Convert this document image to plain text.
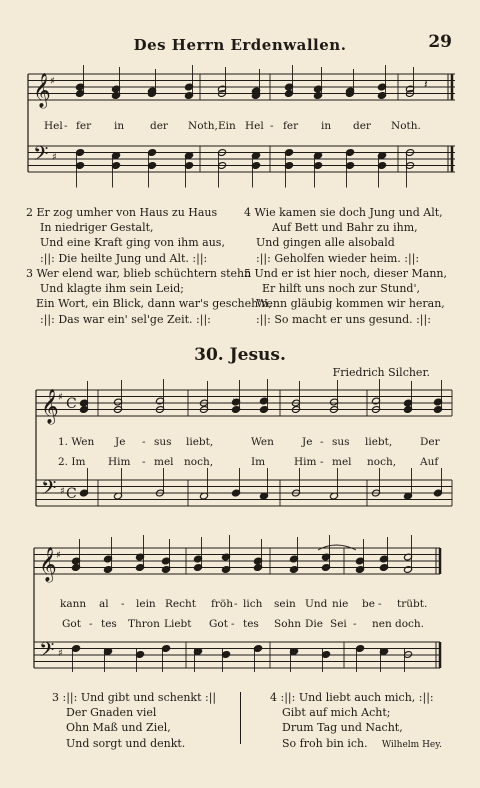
Des Herrn Erdenwallen.	29
𝄞
𝄢
♯
♯
𝄽
𝄞
𝄢
♯
♯
C
C
𝄽
𝄞
𝄢
♯
♯
Hel - fer in der Noth, Ein Hel - fer in der Noth.
2 Er zog umher von Haus zu Haus
In niedriger Gestalt,
Und eine Kraft ging von ihm aus,
:||: Die heilte Jung und Alt. :||:
4 Wie kamen sie doch Jung und Alt,
Auf Bett und Bahr zu ihm,
Und gingen alle alsobald
:||: Geholfen wieder heim. :||:
3 Wer elend war, blieb schüchtern stehn
Und klagte ihm sein Leid;
Ein Wort, ein Blick, dann war's gescheh'n,
:||: Das war ein' sel'ge Zeit. :||:
5 Und er ist hier noch, dieser Mann,
Er hilft uns noch zur Stund',
Wenn gläubig kommen wir heran,
:||: So macht er uns gesund. :||:
30. Jesus.
Friedrich Silcher.
1. Wen Je - sus liebt,	Wen	Je - sus liebt,	Der
2. Im Him - mel noch,	Im	Him - mel noch, Auf
kann al - lein Recht fröh - lich sein Und nie be - trübt.
Got - tes Thron Liebt Got - tes Sohn Die Sei - nen doch.
3 :||: Und gibt und schenkt :||
Der Gnaden viel
Ohn Maß und Ziel,
Und sorgt und denkt.
4 :||: Und liebt auch mich, :||:
Gibt auf mich Acht;
Drum Tag und Nacht,
So froh bin ich.	Wilhelm Hey.
